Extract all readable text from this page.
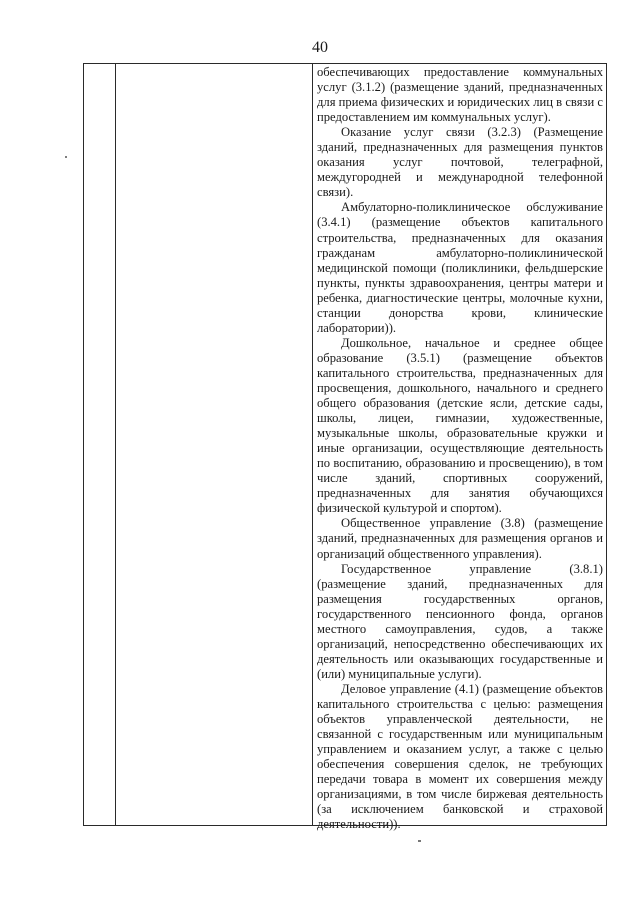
40

обеспечивающих предоставление коммунальных услуг (3.1.2) (размещение зданий, предназначенных для приема физических и юридических лиц в связи с предоставлением им коммунальных услуг).

Оказание услуг связи (3.2.3) (Размещение зданий, предназначенных для размещения пунктов оказания услуг почтовой, телеграфной, междугородней и международной телефонной связи).

Амбулаторно-поликлиническое обслуживание (3.4.1) (размещение объектов капитального строительства, предназначенных для оказания гражданам амбулаторно-поликлинической медицинской помощи (поликлиники, фельдшерские пункты, пункты здравоохранения, центры матери и ребенка, диагностические центры, молочные кухни, станции донорства крови, клинические лаборатории)).

Дошкольное, начальное и среднее общее образование (3.5.1) (размещение объектов капитального строительства, предназначенных для просвещения, дошкольного, начального и среднего общего образования (детские ясли, детские сады, школы, лицеи, гимназии, художественные, музыкальные школы, образовательные кружки и иные организации, осуществляющие деятельность по воспитанию, образованию и просвещению), в том числе зданий, спортивных сооружений, предназначенных для занятия обучающихся физической культурой и спортом).

Общественное управление (3.8) (размещение зданий, предназначенных для размещения органов и организаций общественного управления).

Государственное управление (3.8.1) (размещение зданий, предназначенных для размещения государственных органов, государственного пенсионного фонда, органов местного самоуправления, судов, а также организаций, непосредственно обеспечивающих их деятельность или оказывающих государственные и (или) муниципальные услуги).

Деловое управление (4.1) (размещение объектов капитального строительства с целью: размещения объектов управленческой деятельности, не связанной с государственным или муниципальным управлением и оказанием услуг, а также с целью обеспечения совершения сделок, не требующих передачи товара в момент их совершения между организациями, в том числе биржевая деятельность (за исключением банковской и страховой деятельности)).
